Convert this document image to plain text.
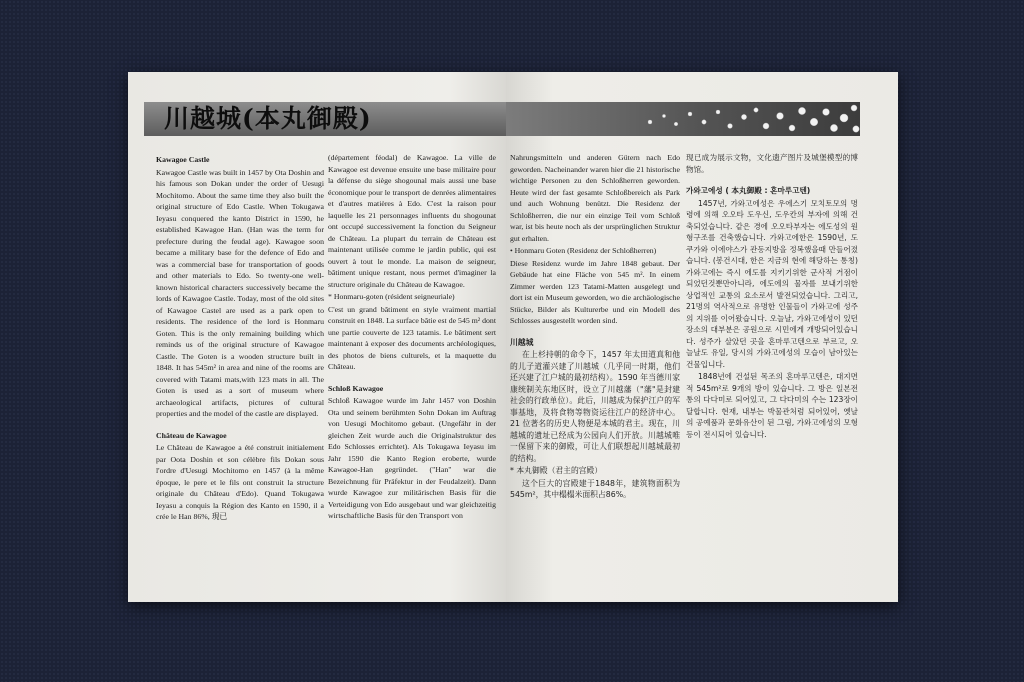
川越城(本丸御殿)

Kawagoe Castle

Kawagoe Castle was built in 1457 by Ota Doshin and his famous son Dokan under the order of Uesugi Mochitomo. About the same time they also built the original structure of Edo Castle. When Tokugawa Ieyasu conquered the kanto District in 1590, he established Kawagoe Han. (Han was the term for prefecture during the feudal age). Kawagoe soon became a military base for the defence of Edo and was a commercial base for transportation of goods and other materials to Edo. So twenty-one well-known historical characters successively became the lords of Kawagoe Castle. Today, most of the old sites of Kawagoe Castel are used as a park open to residents. The residence of the lord is Honmaru Goten. This is the only remaining building which reminds us of the original structure of Kawagoe Castle. The Goten is a wooden structure built in 1848. It has 545m² in area and nine of the rooms are covered with Tatami mats,with 123 mats in all. The Goten is used as a sort of museum where archaeological artifacts, pictures of cultural properties and the model of the castle are displayed.

Château de Kawagoe

Le Château de Kawagoe a été construit initialement par Oota Doshin et son célèbre fils Dokan sous l'ordre d'Uesugi Mochitomo en 1457 (à la même époque, le pere et le fils ont construit la structure originale du Château d'Edo). Quand Tokugawa Ieyasu a conquis la Région des Kanto en 1590, il a crée le Han 86%, 現已

(département féodal) de Kawagoe. La ville de Kawagoe est devenue ensuite une base militaire pour la défense du siège shogounal mais aussi une base économique pour le transport de denrées alimentaires et d'autres matières à Edo. C'est la raison pour laquelle les 21 personnages influents du shogounat ont occupé successivement la fonction du Seigneur de Château. La plupart du terrain de Château est maintenant utilisée comme le jardin public, qui est ouvert à tout le monde. La maison de seigneur, bâtiment unique restant, nous permet d'imaginer la structure originale du Château de Kawagoe.

* Honmaru-goten (résident seigneuriale)

C'est un grand bâtiment en style vraiment martial construit en 1848. La surface bâtie est de 545 m² dont une partie couverte de 123 tatamis. Le bâtiment sert maintenant à exposer des documents archéologiques, des photos de biens culturels, et la maquette du Château.

Schloß Kawagoe

Schloß Kawagoe wurde im Jahr 1457 von Doshin Ota und seinem berühmten Sohn Dokan im Auftrag von Uesugi Mochitomo gebaut. (Ungefähr in der gleichen Zeit wurde auch die Originalstruktur des Edo Schlosses errichtet). Als Tokugawa Ieyasu im Jahr 1590 die Kanto Region eroberte, wurde Kawagoe-Han gegründet. ("Han" war die Bezeichnung für Präfektur in der Feudalzeit). Dann wurde Kawagoe zur militärischen Basis für die Verteidigung von Edo ausgebaut und war gleichzeitig wirtschaftliche Basis für den Transport von

Nahrungsmitteln und anderen Gütern nach Edo geworden. Nacheinander waren hier die 21 historische wichtige Personen zu den Schloßherren geworden. Heute wird der fast gesamte Schloßbereich als Park und auch Wohnung benützt. Die Residenz der Schloßherren, die nur ein einzige Teil vom Schloß war, ist bis heute noch als der ursprünglichen Struktur gut erhalten.

• Honmaru Goten (Residenz der Schloßherren)

Diese Residenz wurde im Jahre 1848 gebaut. Der Gebäude hat eine Fläche von 545 m². In einem Zimmer werden 123 Tatami-Matten ausgelegt und dort ist ein Museum geworden, wo die archäologische Stücke, Bilder als Kulturerbe und ein Modell des Schlosses ausgestellt worden sind.

川越城

在上杉持朝的命令下，1457 年太田道真和他的儿子道灌兴建了川越城（几乎同一时期，他们还兴建了江户城的最初结构）。1590 年当德川家康统制关东地区时，设立了川越藩（"藩"是封建社会的行政单位）。此后，川越成为保护江户的军事基地，及将食物等物资运往江户的经济中心。21 位著名的历史人物便是本城的君主。现在，川越城的遗址已经成为公园向人们开放。川越城唯一保留下来的御殿，可让人们联想起川越城最初的结构。

* 本丸御殿（君主的宫殿）

这个巨大的宫殿建于1848年，建筑物面积为545m²，其中榻榻米面积占86%。

现已成为展示文物，文化遗产图片及城堡模型的博物馆。

가와고에성 ( 本丸御殿 : 혼마루고텐)

1457년, 가와고에성은 우에스기 모치토모의 명령에 의해 오오타 도우신, 도우칸의 부자에 의해 건축되었습니다. 같은 경에 오오타부자는 에도성의 원형구조를 건축했습니다. 가와고에한은 1590년, 도쿠가와 이에야스가 관동지방을 정복했을때 만들어졌습니다. (봉건시대, 한은 지금의 현에 해당하는 통칭) 가와고에는 즉시 에도를 지키기위한 군사적 거점이 되었던것뿐만아니라, 에도에의 물자를 보내기위한 상업적인 교통의 요소로서 발전되었습니다. 그리고, 21명의 역사적으로 유명한 인물들이 가와고에 성주의 지위를 이어왔습니다. 오늘날, 가와고에성이 있던 장소의 대부분은 공원으로 시민에게 개방되어있습니다. 성주가 살았던 곳을 혼마루고텐으로 부르고, 오늘날도 유일, 당시의 가와고에성의 모습이 남아있는 건물입니다.

1848년에 건설된 목조의 혼마루고텐은, 대지면적 545m²로 9개의 방이 있습니다. 그 방은 일본전통의 다다미로 되어있고, 그 다다미의 수는 123장이 달합니다. 현재, 내부는 박물관처럼 되어있어, 옛날의 공예품과 문화유산이 된 그림, 가와고에성의 모형등이 전시되어 있습니다.
